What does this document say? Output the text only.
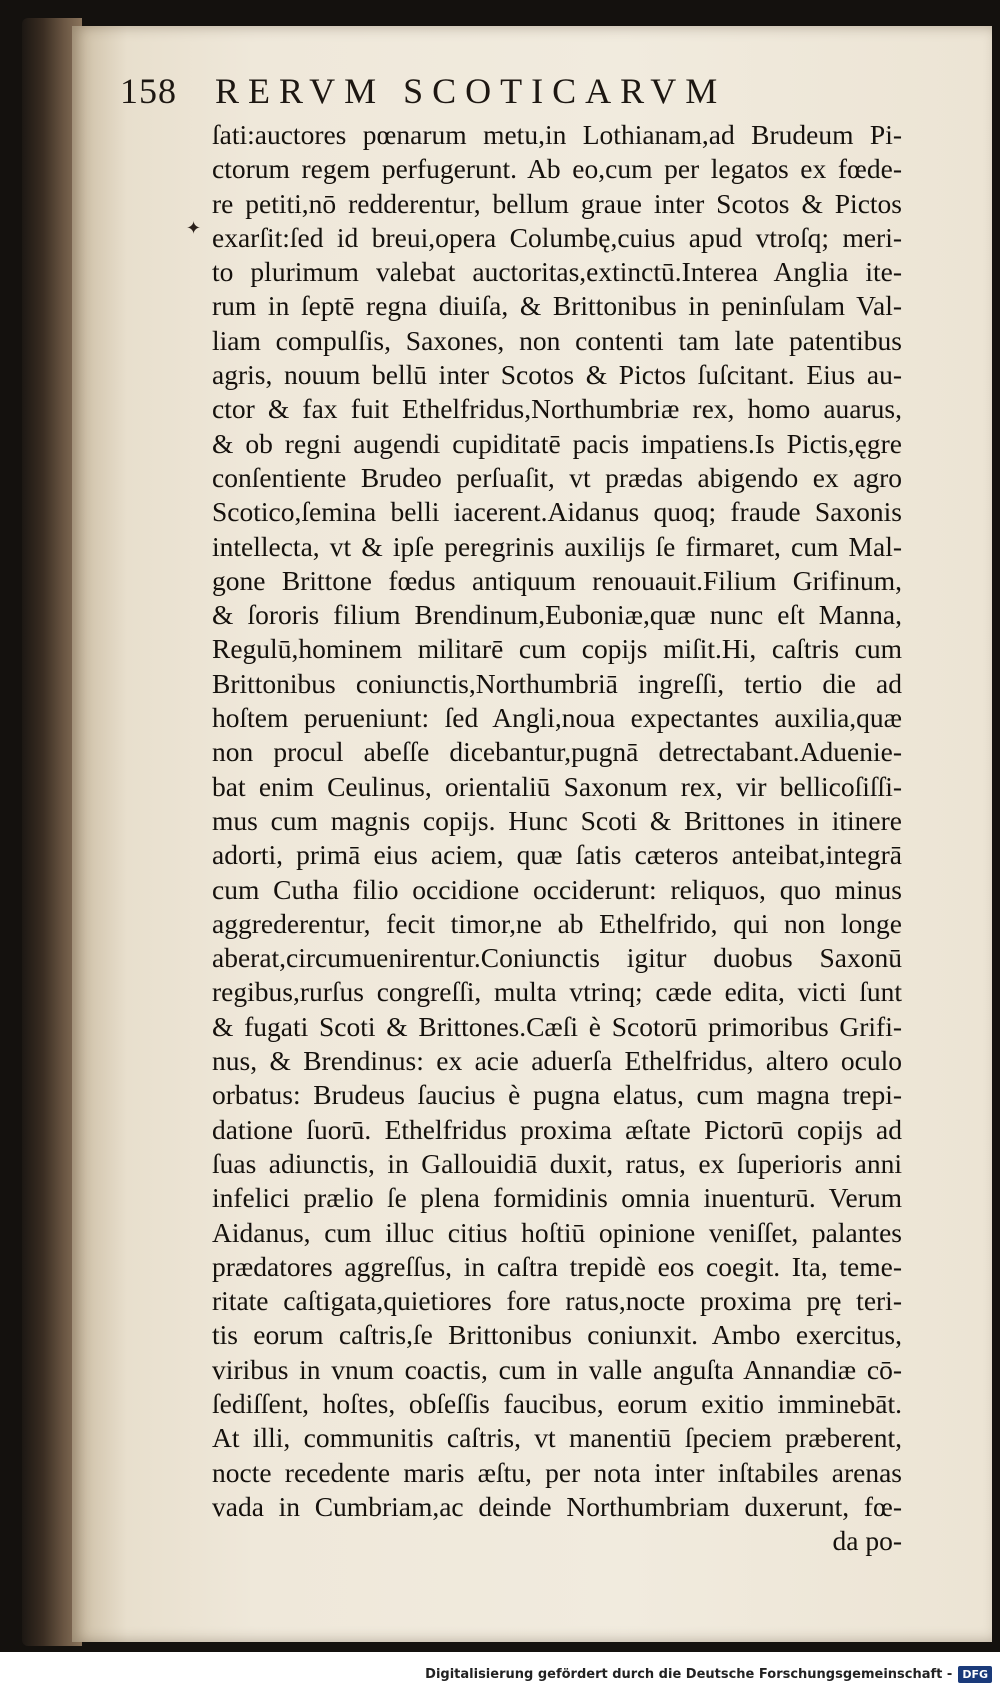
158 RERVM SCOTICARVM
✦
ſati:auctores pœnarum metu,in Lothianam,ad Brudeum Pi-
ctorum regem perfugerunt. Ab eo,cum per legatos ex fœde-
re petiti,nō redderentur, bellum graue inter Scotos & Pictos
exarſit:ſed id breui,opera Columbę,cuius apud vtroſq; meri-
to plurimum valebat auctoritas,extinctū.Interea Anglia ite-
rum in ſeptē regna diuiſa, & Brittonibus in peninſulam Val-
liam compulſis, Saxones, non contenti tam late patentibus
agris, nouum bellū inter Scotos & Pictos ſuſcitant. Eius au-
ctor & fax fuit Ethelfridus,Northumbriæ rex, homo auarus,
& ob regni augendi cupiditatē pacis impatiens.Is Pictis,ęgre
conſentiente Brudeo perſuaſit, vt prædas abigendo ex agro
Scotico,ſemina belli iacerent.Aidanus quoq; fraude Saxonis
intellecta, vt & ipſe peregrinis auxilijs ſe firmaret, cum Mal-
gone Brittone fœdus antiquum renouauit.Filium Grifinum,
& ſororis filium Brendinum,Euboniæ,quæ nunc eſt Manna,
Regulū,hominem militarē cum copijs miſit.Hi, caſtris cum
Brittonibus coniunctis,Northumbriā ingreſſi, tertio die ad
hoſtem perueniunt: ſed Angli,noua expectantes auxilia,quæ
non procul abeſſe dicebantur,pugnā detrectabant.Aduenie-
bat enim Ceulinus, orientaliū Saxonum rex, vir bellicoſiſſi-
mus cum magnis copijs. Hunc Scoti & Brittones in itinere
adorti, primā eius aciem, quæ ſatis cæteros anteibat,integrā
cum Cutha filio occidione occiderunt: reliquos, quo minus
aggrederentur, fecit timor,ne ab Ethelfrido, qui non longe
aberat,circumuenirentur.Coniunctis igitur duobus Saxonū
regibus,rurſus congreſſi, multa vtrinq; cæde edita, victi ſunt
& fugati Scoti & Brittones.Cæſi è Scotorū primoribus Grifi-
nus, & Brendinus: ex acie aduerſa Ethelfridus, altero oculo
orbatus: Brudeus ſaucius è pugna elatus, cum magna trepi-
datione ſuorū. Ethelfridus proxima æſtate Pictorū copijs ad
ſuas adiunctis, in Gallouidiā duxit, ratus, ex ſuperioris anni
infelici prælio ſe plena formidinis omnia inuenturū. Verum
Aidanus, cum illuc citius hoſtiū opinione veniſſet, palantes
prædatores aggreſſus, in caſtra trepidè eos coegit. Ita, teme-
ritate caſtigata,quietiores fore ratus,nocte proxima prę teri-
tis eorum caſtris,ſe Brittonibus coniunxit. Ambo exercitus,
viribus in vnum coactis, cum in valle anguſta Annandiæ cō-
ſediſſent, hoſtes, obſeſſis faucibus, eorum exitio imminebāt.
At illi, communitis caſtris, vt manentiū ſpeciem præberent,
nocte recedente maris æſtu, per nota inter inſtabiles arenas
vada in Cumbriam,ac deinde Northumbriam duxerunt, fœ-
da po-
Digitalisierung gefördert durch die Deutsche Forschungsgemeinschaft - DFG
